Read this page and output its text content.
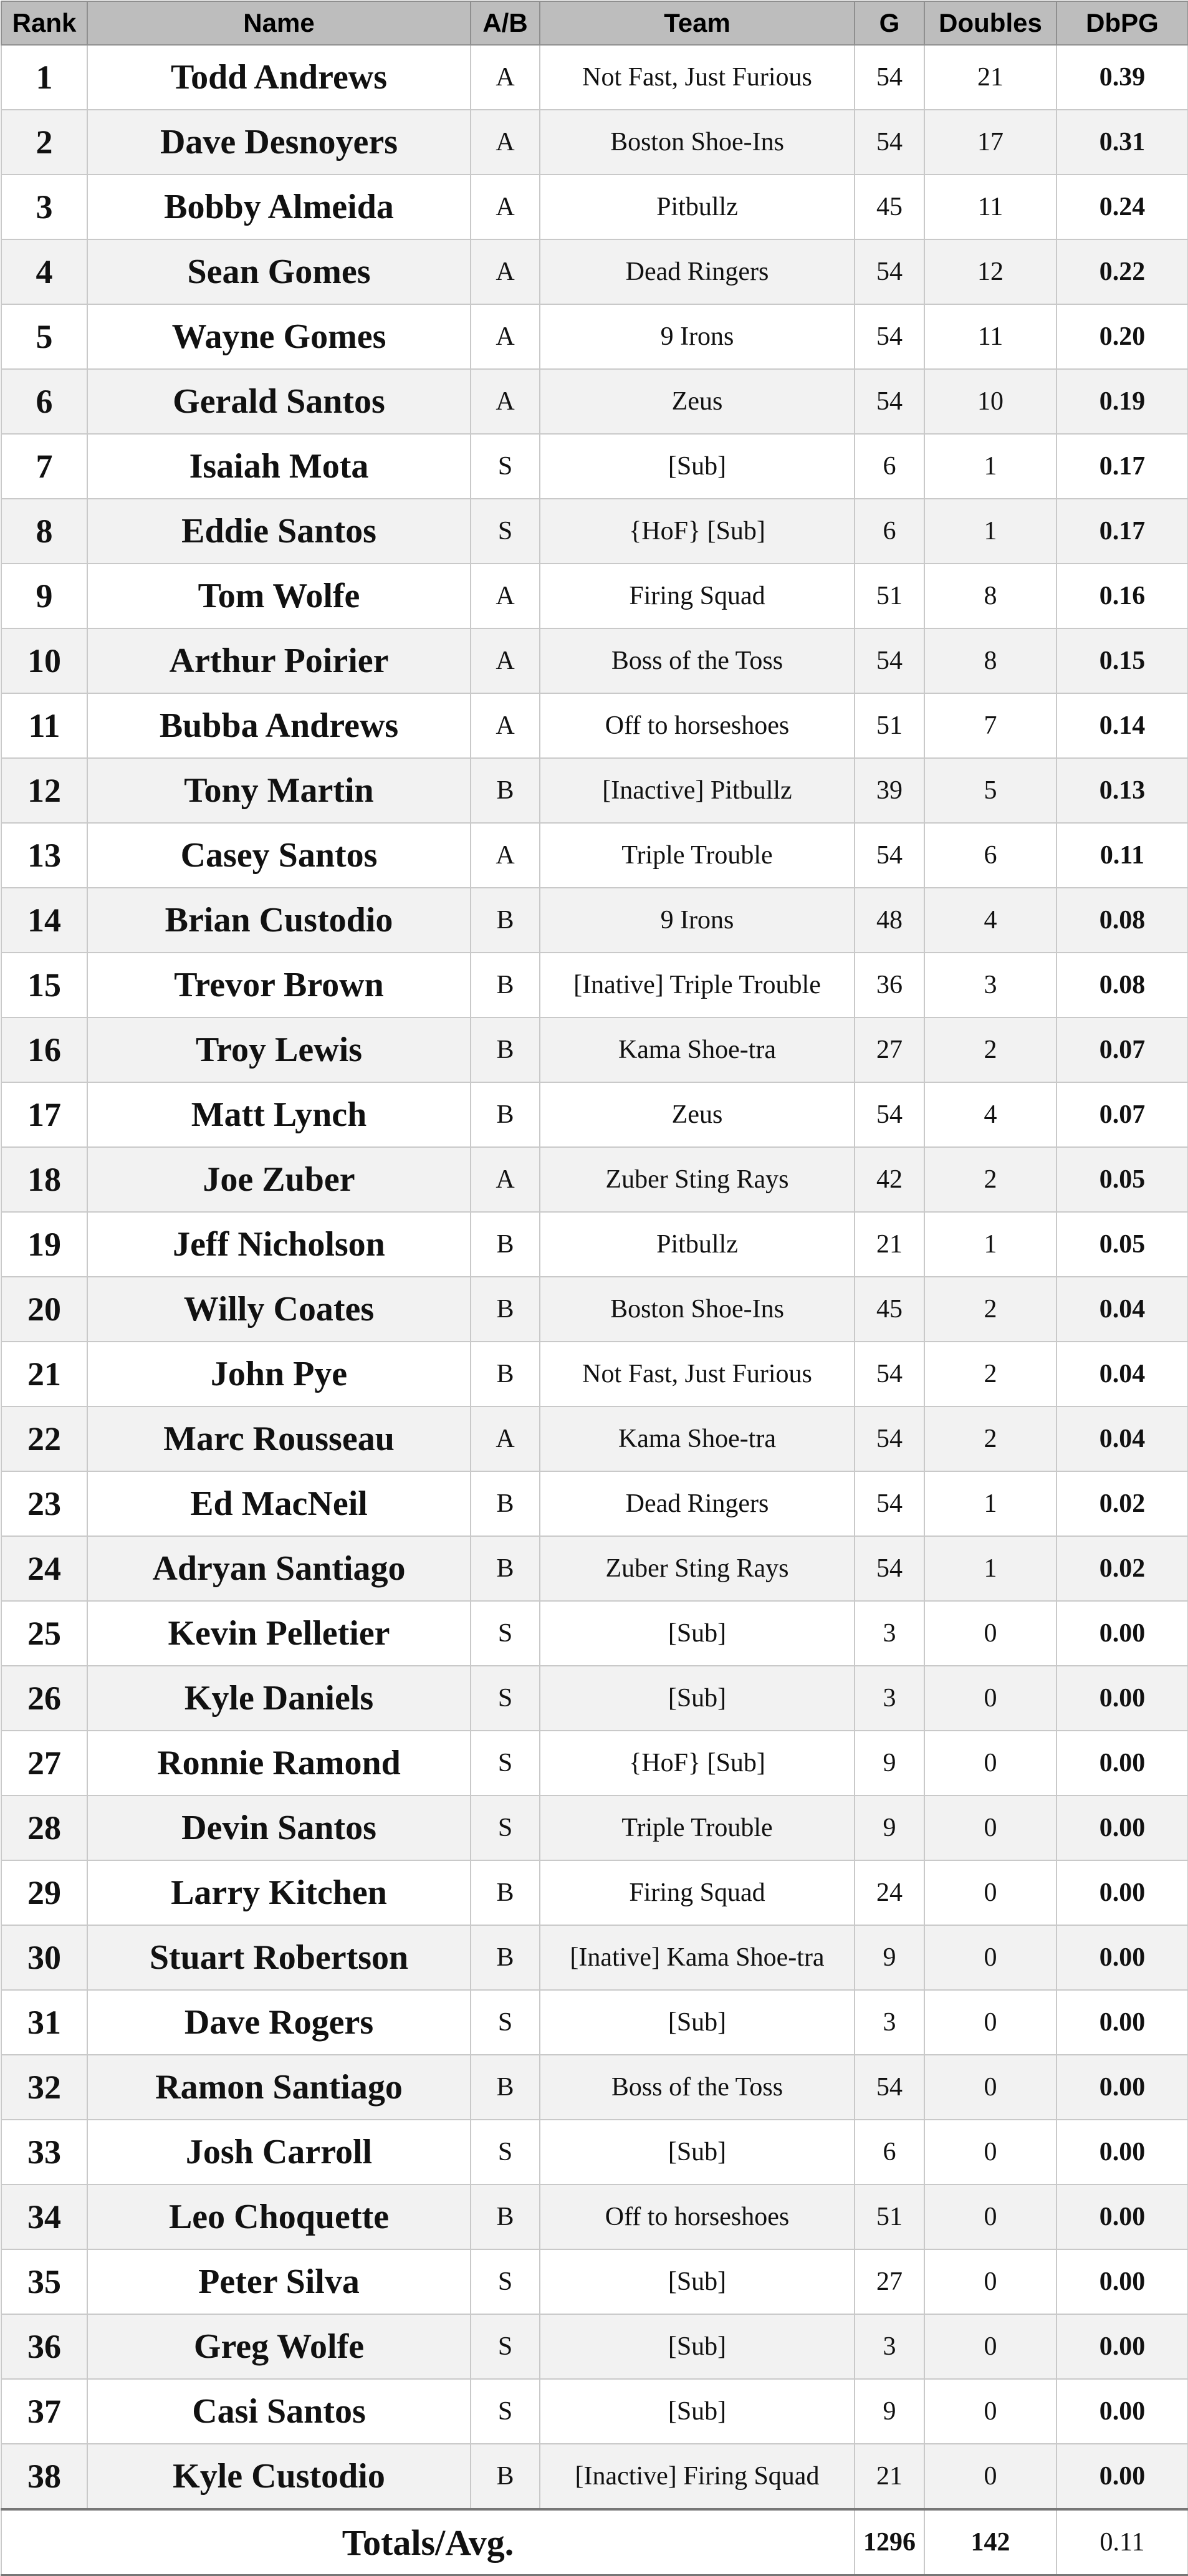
Rank	Name	A/B	Team	G	Doubles	DbPG
1	Todd Andrews	A	Not Fast, Just Furious	54	21	0.39
2	Dave Desnoyers	A	Boston Shoe-Ins	54	17	0.31
3	Bobby Almeida	A	Pitbullz	45	11	0.24
4	Sean Gomes	A	Dead Ringers	54	12	0.22
5	Wayne Gomes	A	9 Irons	54	11	0.20
6	Gerald Santos	A	Zeus	54	10	0.19
7	Isaiah Mota	S	[Sub]	6	1	0.17
8	Eddie Santos	S	{HoF} [Sub]	6	1	0.17
9	Tom Wolfe	A	Firing Squad	51	8	0.16
10	Arthur Poirier	A	Boss of the Toss	54	8	0.15
11	Bubba Andrews	A	Off to horseshoes	51	7	0.14
12	Tony Martin	B	[Inactive] Pitbullz	39	5	0.13
13	Casey Santos	A	Triple Trouble	54	6	0.11
14	Brian Custodio	B	9 Irons	48	4	0.08
15	Trevor Brown	B	[Inative] Triple Trouble	36	3	0.08
16	Troy Lewis	B	Kama Shoe-tra	27	2	0.07
17	Matt Lynch	B	Zeus	54	4	0.07
18	Joe Zuber	A	Zuber Sting Rays	42	2	0.05
19	Jeff Nicholson	B	Pitbullz	21	1	0.05
20	Willy Coates	B	Boston Shoe-Ins	45	2	0.04
21	John Pye	B	Not Fast, Just Furious	54	2	0.04
22	Marc Rousseau	A	Kama Shoe-tra	54	2	0.04
23	Ed MacNeil	B	Dead Ringers	54	1	0.02
24	Adryan Santiago	B	Zuber Sting Rays	54	1	0.02
25	Kevin Pelletier	S	[Sub]	3	0	0.00
26	Kyle Daniels	S	[Sub]	3	0	0.00
27	Ronnie Ramond	S	{HoF} [Sub]	9	0	0.00
28	Devin Santos	S	Triple Trouble	9	0	0.00
29	Larry Kitchen	B	Firing Squad	24	0	0.00
30	Stuart Robertson	B	[Inative] Kama Shoe-tra	9	0	0.00
31	Dave Rogers	S	[Sub]	3	0	0.00
32	Ramon Santiago	B	Boss of the Toss	54	0	0.00
33	Josh Carroll	S	[Sub]	6	0	0.00
34	Leo Choquette	B	Off to horseshoes	51	0	0.00
35	Peter Silva	S	[Sub]	27	0	0.00
36	Greg Wolfe	S	[Sub]	3	0	0.00
37	Casi Santos	S	[Sub]	9	0	0.00
38	Kyle Custodio	B	[Inactive] Firing Squad	21	0	0.00
Totals/Avg.				1296	142	0.11
